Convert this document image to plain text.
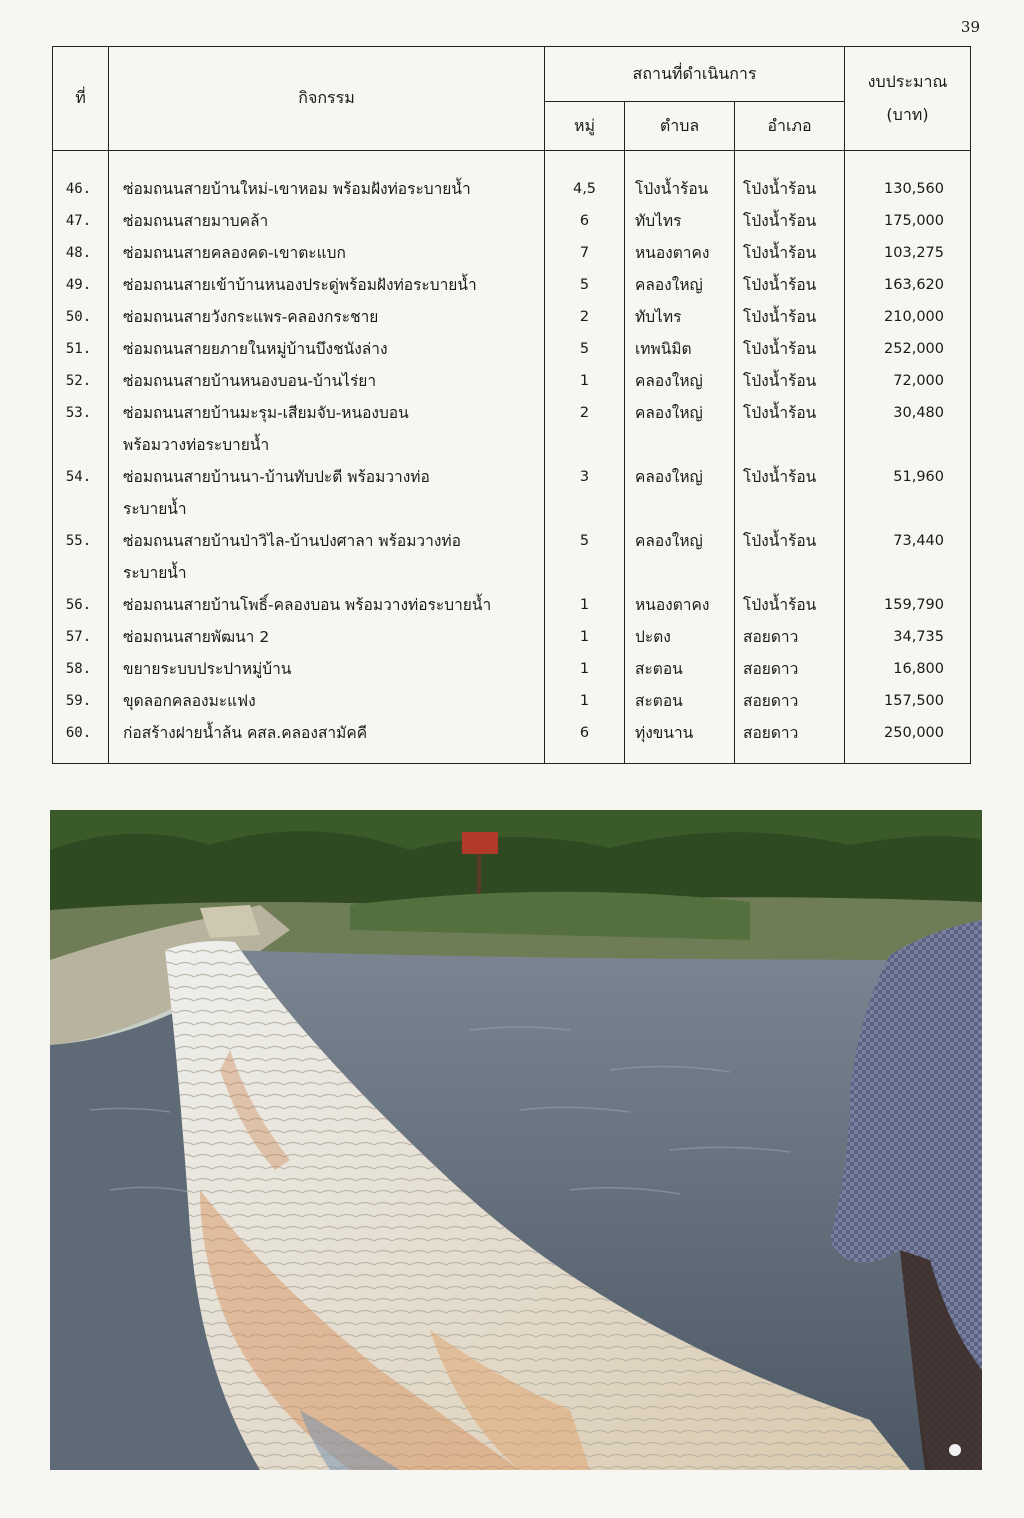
39
ที่	กิจกรรม	สถานที่ดำเนินการ			งบประมาณ
(บาท)

		หมู่	ตำบล	อำเภอ	
46.	ซ่อมถนนสายบ้านใหม่-เขาหอม พร้อมฝังท่อระบายน้ำ	4,5	โป่งน้ำร้อน	โป่งน้ำร้อน	130,560
47.	ซ่อมถนนสายมาบคล้า	6	ทับไทร	โป่งน้ำร้อน	175,000
48.	ซ่อมถนนสายคลองคด-เขาตะแบก	7	หนองตาคง	โป่งน้ำร้อน	103,275
49.	ซ่อมถนนสายเข้าบ้านหนองประดู่พร้อมฝังท่อระบายน้ำ	5	คลองใหญ่	โป่งน้ำร้อน	163,620
50.	ซ่อมถนนสายวังกระแพร-คลองกระชาย	2	ทับไทร	โป่งน้ำร้อน	210,000
51.	ซ่อมถนนสายยภายในหมู่บ้านบึงชนังล่าง	5	เทพนิมิต	โป่งน้ำร้อน	252,000
52.	ซ่อมถนนสายบ้านหนองบอน-บ้านไร่ยา	1	คลองใหญ่	โป่งน้ำร้อน	72,000
53.	ซ่อมถนนสายบ้านมะรุม-เสียมจับ-หนองบอน
พร้อมวางท่อระบายน้ำ	2	คลองใหญ่	โป่งน้ำร้อน	30,480
54.	ซ่อมถนนสายบ้านนา-บ้านทับปะตี พร้อมวางท่อ
ระบายน้ำ	3	คลองใหญ่	โป่งน้ำร้อน	51,960
55.	ซ่อมถนนสายบ้านป่าวิไล-บ้านปงศาลา พร้อมวางท่อ
ระบายน้ำ	5	คลองใหญ่	โป่งน้ำร้อน	73,440
56.	ซ่อมถนนสายบ้านโพธิ์-คลองบอน พร้อมวางท่อระบายน้ำ	1	หนองตาคง	โป่งน้ำร้อน	159,790
57.	ซ่อมถนนสายพัฒนา 2	1	ปะตง	สอยดาว	34,735
58.	ขยายระบบประปาหมู่บ้าน	1	สะตอน	สอยดาว	16,800
59.	ขุดลอกคลองมะแฟง	1	สะตอน	สอยดาว	157,500
60.	ก่อสร้างฝายน้ำล้น คสล.คลองสามัคคี	6	ทุ่งขนาน	สอยดาว	250,000
